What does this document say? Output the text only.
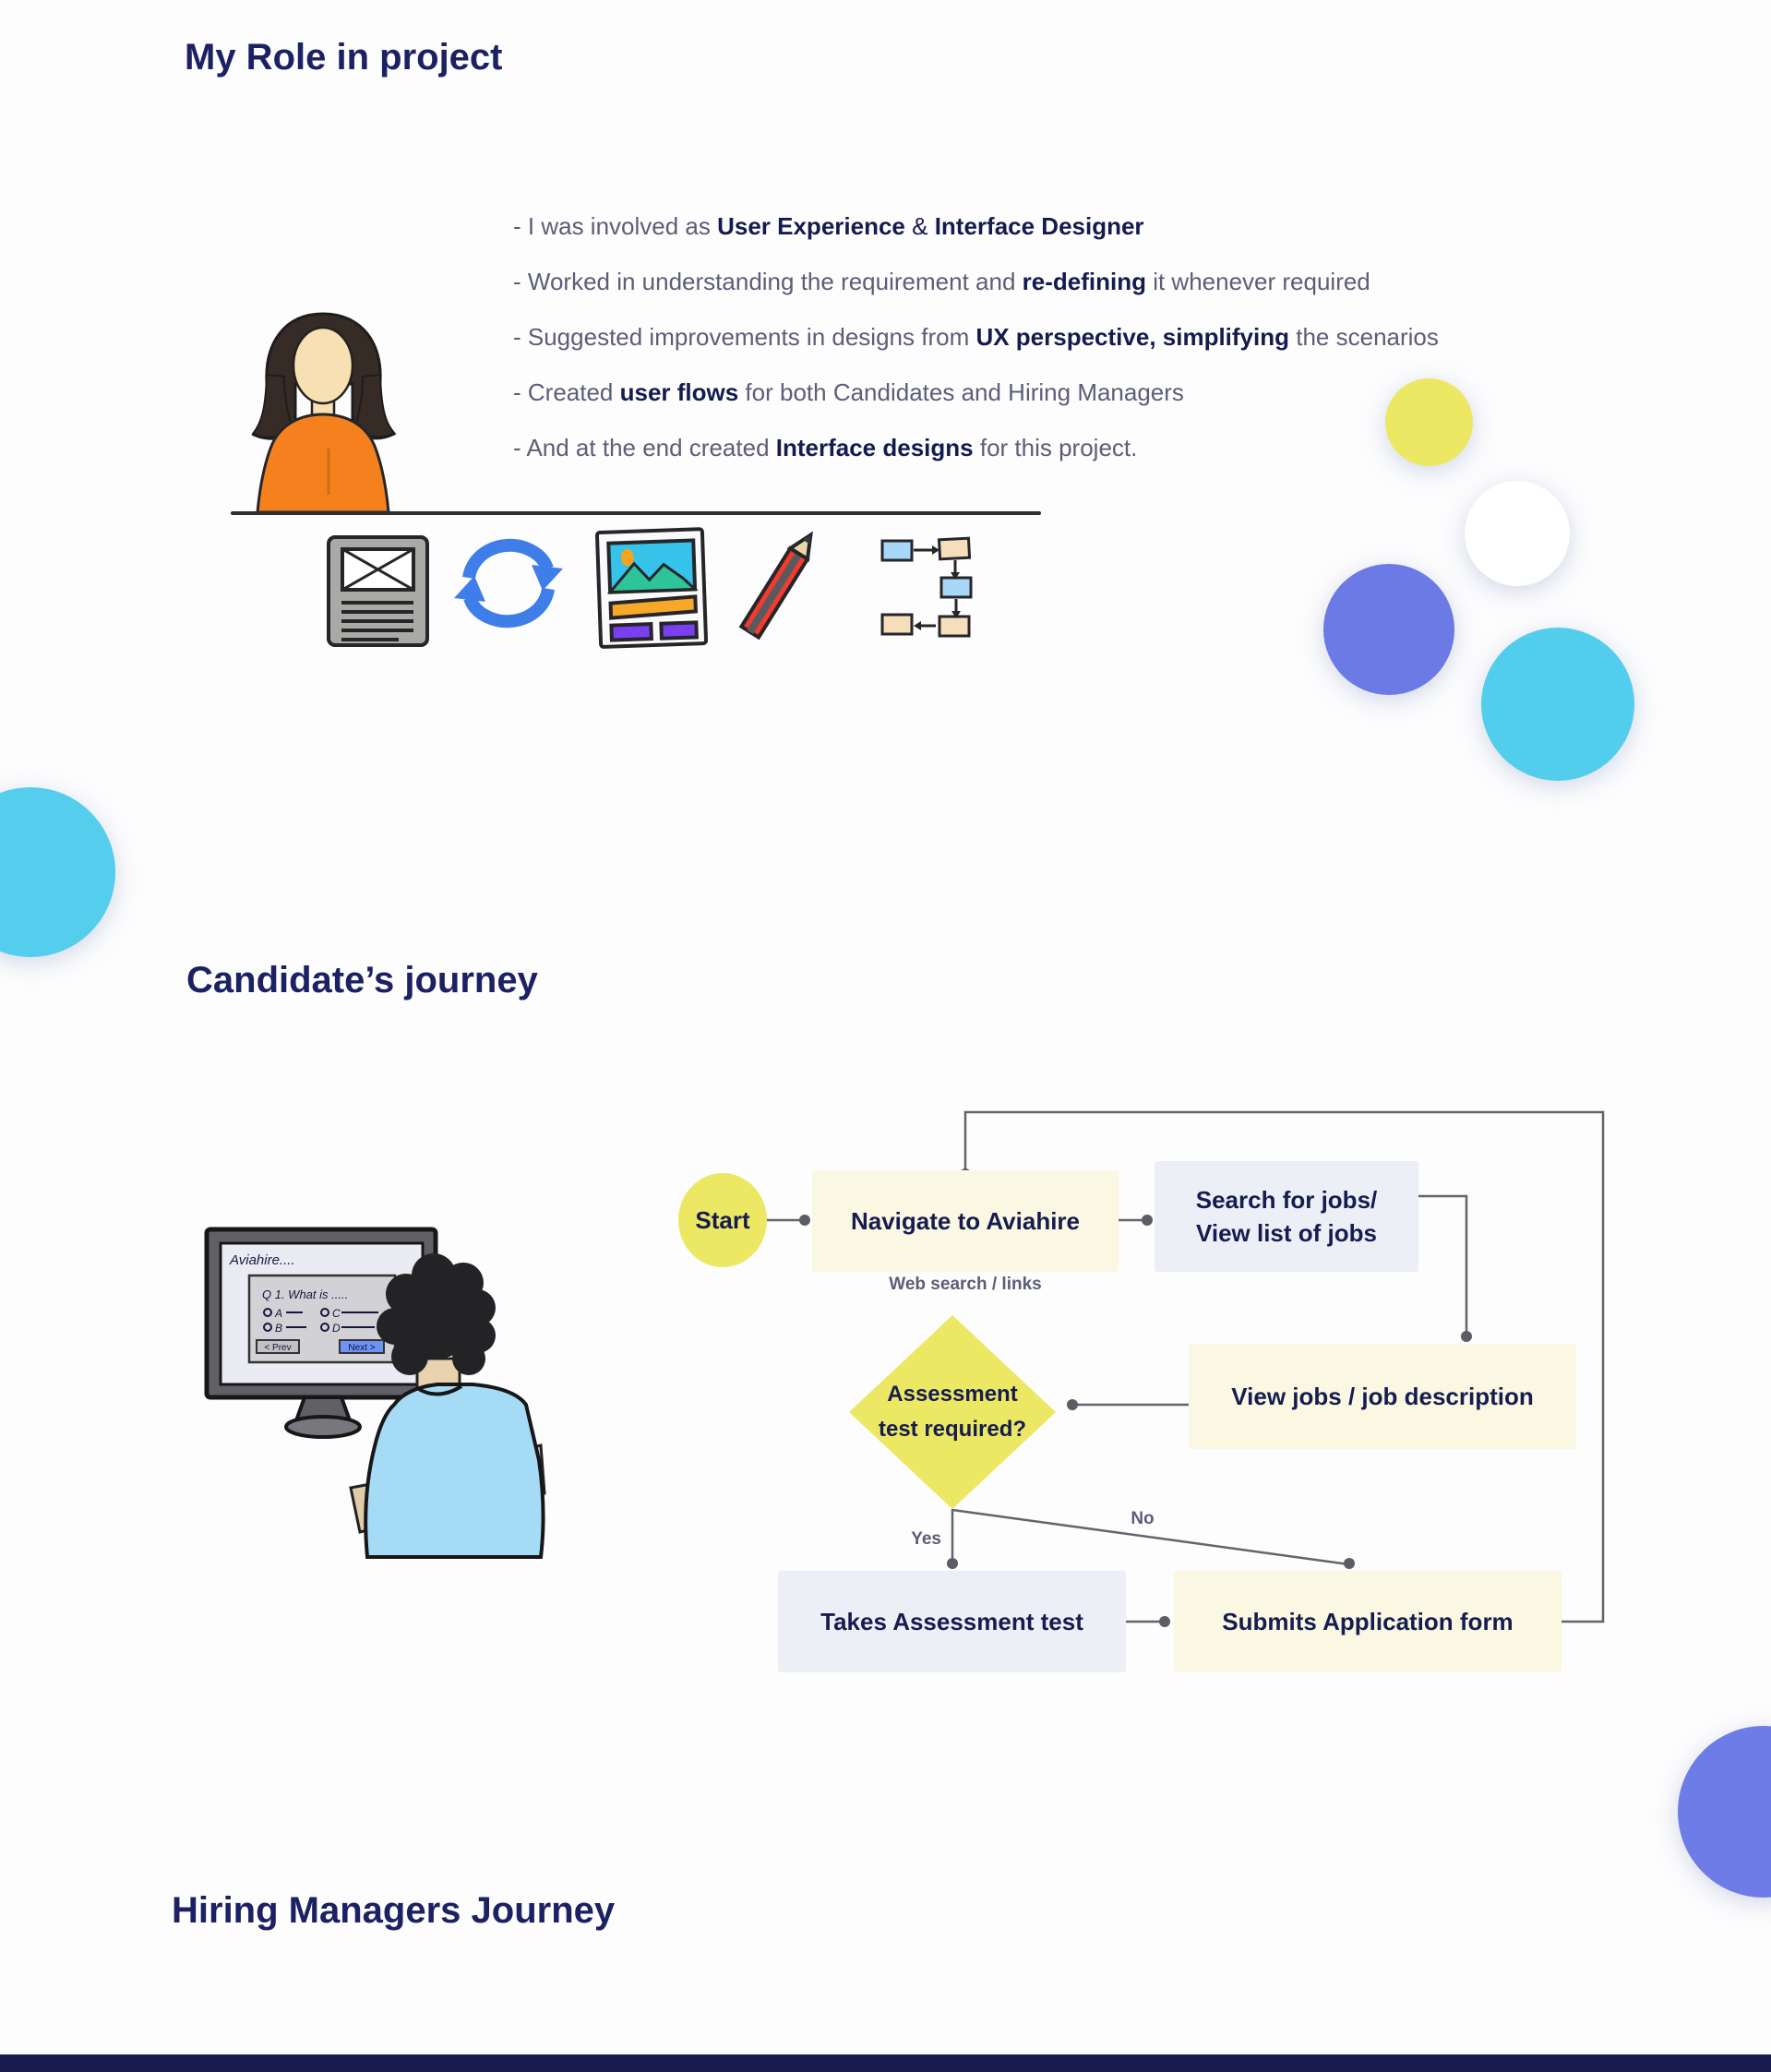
My Role in project
Candidate’s journey
Hiring Managers Journey
- I was involved as User Experience & Interface Designer
- Worked in understanding the requirement and re-defining it whenever required
- Suggested improvements in designs from UX perspective, simplifying the scenarios
- Created user flows for both Candidates and Hiring Managers
- And at the end created Interface designs for this project.
Aviahire....
Q 1. What is .....
A
B
C
D
< Prev	Next >
Start	Navigate to Aviahire
Search for jobs/
View list of jobs
View jobs / job description
Assessment
test required?
Takes Assessment test	Submits Application form
Web search / links
Yes
No
